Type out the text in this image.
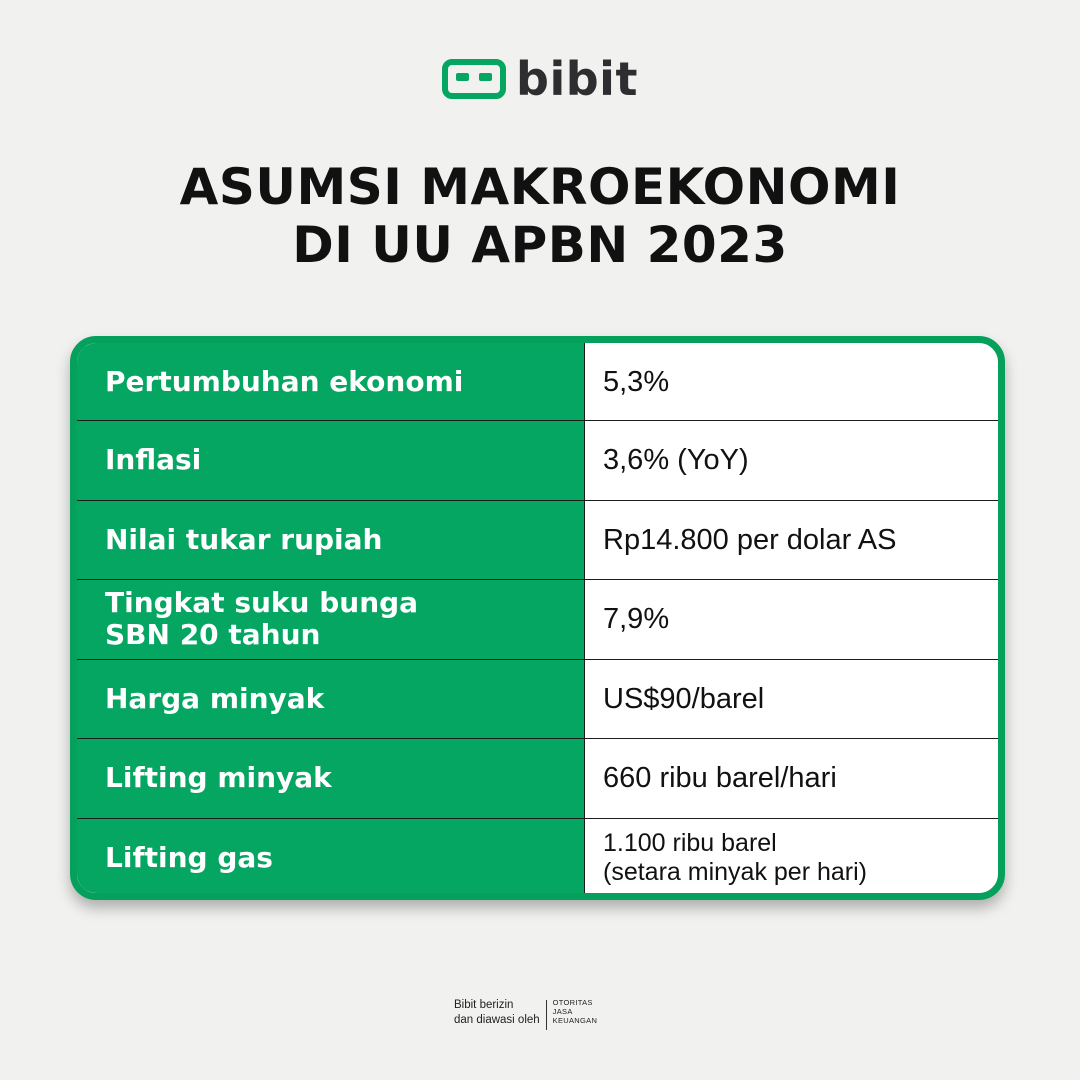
bibit
ASUMSI MAKROEKONOMI
DI UU APBN 2023
Pertumbuhan ekonomi	5,3%
Inflasi	3,6% (YoY)
Nilai tukar rupiah	Rp14.800 per dolar AS
Tingkat suku bunga
SBN 20 tahun	7,9%
Harga minyak	US$90/barel
Lifting minyak	660 ribu barel/hari
Lifting gas	1.100 ribu barel
(setara minyak per hari)
Bibit berizin
dan diawasi oleh
OTORITAS
JASA
KEUANGAN
